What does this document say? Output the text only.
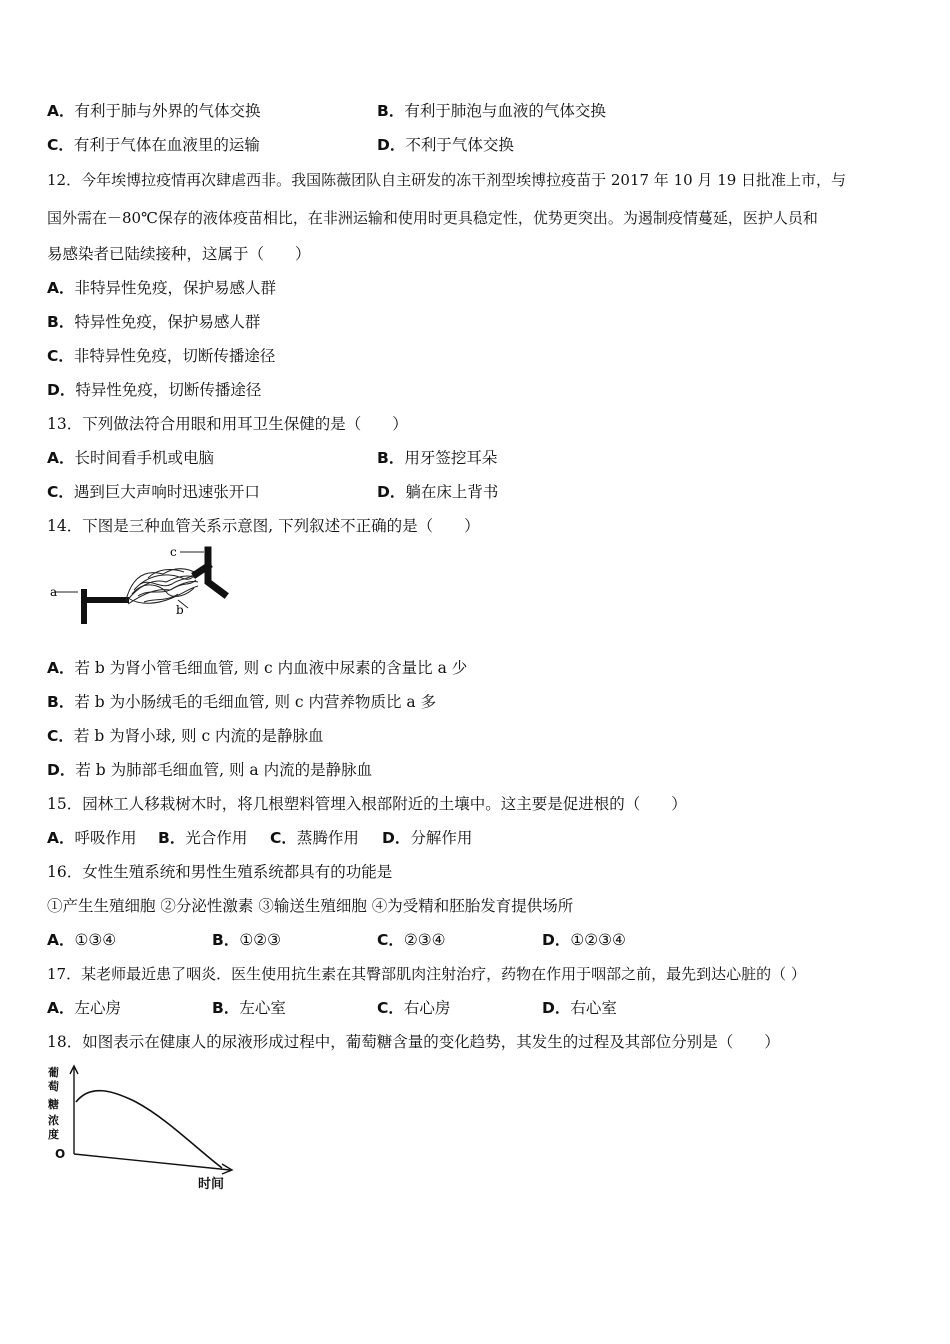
A．有利于肺与外界的气体交换	B．有利于肺泡与血液的气体交换
C．有利于气体在血液里的运输	D．不利于气体交换
12．今年埃博拉疫情再次肆虐西非。我国陈薇团队自主研发的冻干剂型埃博拉疫苗于 2017 年 10 月 19 日批准上市，与
国外需在－80℃保存的液体疫苗相比，在非洲运输和使用时更具稳定性，优势更突出。为遏制疫情蔓延，医护人员和
易感染者已陆续接种，这属于（　　）
A．非特异性免疫，保护易感人群
B．特异性免疫，保护易感人群
C．非特异性免疫，切断传播途径
D．特异性免疫，切断传播途径
13．下列做法符合用眼和用耳卫生保健的是（　　）
A．长时间看手机或电脑	B．用牙签挖耳朵
C．遇到巨大声响时迅速张开口	D．躺在床上背书
14．下图是三种血管关系示意图, 下列叙述不正确的是（　　）
a
b
c
A．若 b 为肾小管毛细血管, 则 c 内血液中尿素的含量比 a 少
B．若 b 为小肠绒毛的毛细血管, 则 c 内营养物质比 a 多
C．若 b 为肾小球, 则 c 内流的是静脉血
D．若 b 为肺部毛细血管, 则 a 内流的是静脉血
15．园林工人移栽树木时，将几根塑料管埋入根部附近的土壤中。这主要是促进根的（　　）
A．呼吸作用 B．光合作用 C．蒸腾作用 D．分解作用
16．女性生殖系统和男性生殖系统都具有的功能是
①产生生殖细胞 ②分泌性激素 ③输送生殖细胞 ④为受精和胚胎发育提供场所
A．①③④	B．①②③	C．②③④	D．①②③④
17．某老师最近患了咽炎．医生使用抗生素在其臀部肌肉注射治疗，药物在作用于咽部之前，最先到达心脏的（ ）
A．左心房	B．左心室	C．右心房	D．右心室
18．如图表示在健康人的尿液形成过程中，葡萄糖含量的变化趋势，其发生的过程及其部位分别是（　　）
葡
萄
糖
浓
度
O
时间
